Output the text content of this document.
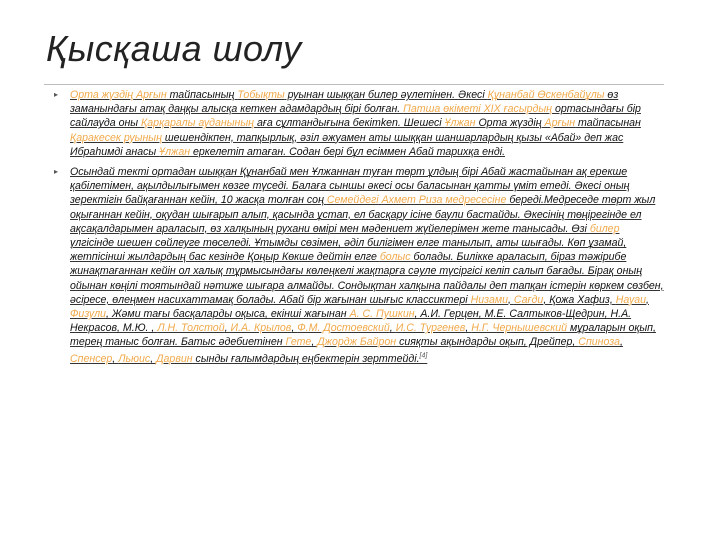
Қысқаша шолу
▸ Орта жүздің Арғын тайпасының Тобықты руынан шыққан билер әулетінен. Әкесі Құнанбай Өскенбайұлы өз заманындағы атақ даңқы алысқа кеткен адамдардың бірі болған. Патша өкіметі XIX ғасырдың ортасындағы бір сайлауда оны Қарқаралы ауданының аға сұлтандығына бекітken. Шешесі Ұлжан Орта жүздің Арғын тайпасынан Қаракесек руының шешендікпен, тапқырлық, әзіл әжуамен аты шыққан шаншарлардың қызы «Абай» деп жас Ибраһимді анасы Ұлжан еркелетіп атаған. Содан бері бұл есіммен Абай тарихқа енді.
▸ Осындай текті ортадан шыққан Құнанбай мен Ұлжаннан туған төрт ұлдың бірі Абай жастайынан ақ ерекше қабілетімен, ақылдылығымен көзге түседі. Балаға сыншы әкесі осы баласынан қатты үміт етеді. Әкесі оның зеректігін байқағаннан кейін, 10 жасқа толған соң Семейдегі Ахмет Риза медресесіне береді.Медреседе төрт жыл оқығаннан кейін, оқудан шығарып алып, қасында ұстап, ел басқару ісіне баули бастайды. Әкесінің төңірегінде ел ақсақалдарымен араласып, өз халқының рухани өмірі мен мәдениет жүйелерімен жете танысады. Өзі билер үлгісінде шешен сөйлеуге төселеді. Ұтымды сөзімен, әділ билігімен елге танылып, аты шығады. Көп ұзамай, жетпісінші жылдардың бас кезінде Қоңыр Көкше дейтін елге болыс болады. Билікке араласып, біраз тәжірибе жинақтағаннан кейін ол халық тұрмысындағы көлеңкелі жақтарға сәуле түсіргісі келіп салып бағады. Бірақ оның ойынан көңілі тоятындай нәтиже шығара алмайды. Сондықтан халқына пайдалы деп тапқан істерін көркем сөзбен, әсіресе, өлеңмен насихаттамақ болады. Абай бір жағынан шығыс классиктері Низами, Сағди, Қожа Хафиз, Науаи, Физули, Жәми тағы басқаларды оқыса, екінші жағынан А. С. Пушкин, А.И. Герцен, М.Е. Салтыков-Щедрин, Н.А. Некрасов, М.Ю. , Л.Н. Толстой, И.А. Крылов, Ф.М. Достоевский, И.С. Тургенев, Н.Г. Чернышевский мұраларын оқып, терең таныс болған. Батыс әдебиетінен Гете, Джордж Байрон сияқты ақындарды оқып, Дрейпер, Спиноза, Спенсер, Льюис, Дарвин сынды ғалымдардың еңбектерін зерттейді.[4]
